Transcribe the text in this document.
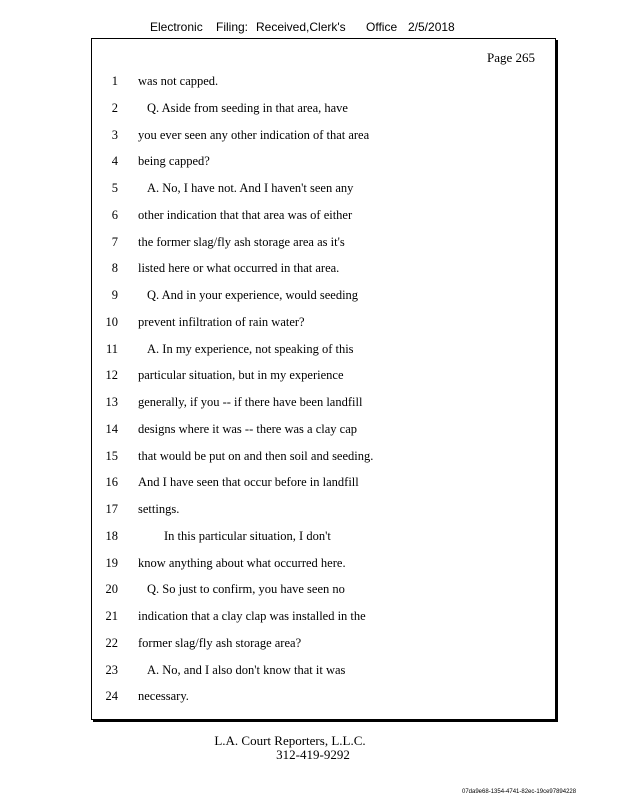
Electronic Filing: Received,Clerk's Office 2/5/2018
Page 265
1 was not capped.
2 Q. Aside from seeding in that area, have
3 you ever seen any other indication of that area
4 being capped?
5 A. No, I have not. And I haven't seen any
6 other indication that that area was of either
7 the former slag/fly ash storage area as it's
8 listed here or what occurred in that area.
9 Q. And in your experience, would seeding
10 prevent infiltration of rain water?
11 A. In my experience, not speaking of this
12 particular situation, but in my experience
13 generally, if you -- if there have been landfill
14 designs where it was -- there was a clay cap
15 that would be put on and then soil and seeding.
16 And I have seen that occur before in landfill
17 settings.
18	In this particular situation, I don't
19 know anything about what occurred here.
20 Q. So just to confirm, you have seen no
21 indication that a clay clap was installed in the
22 former slag/fly ash storage area?
23 A. No, and I also don't know that it was
24 necessary.
L.A. Court Reporters, L.L.C.
312-419-9292
07da9e68-1354-4741-82ec-19ce97894228
